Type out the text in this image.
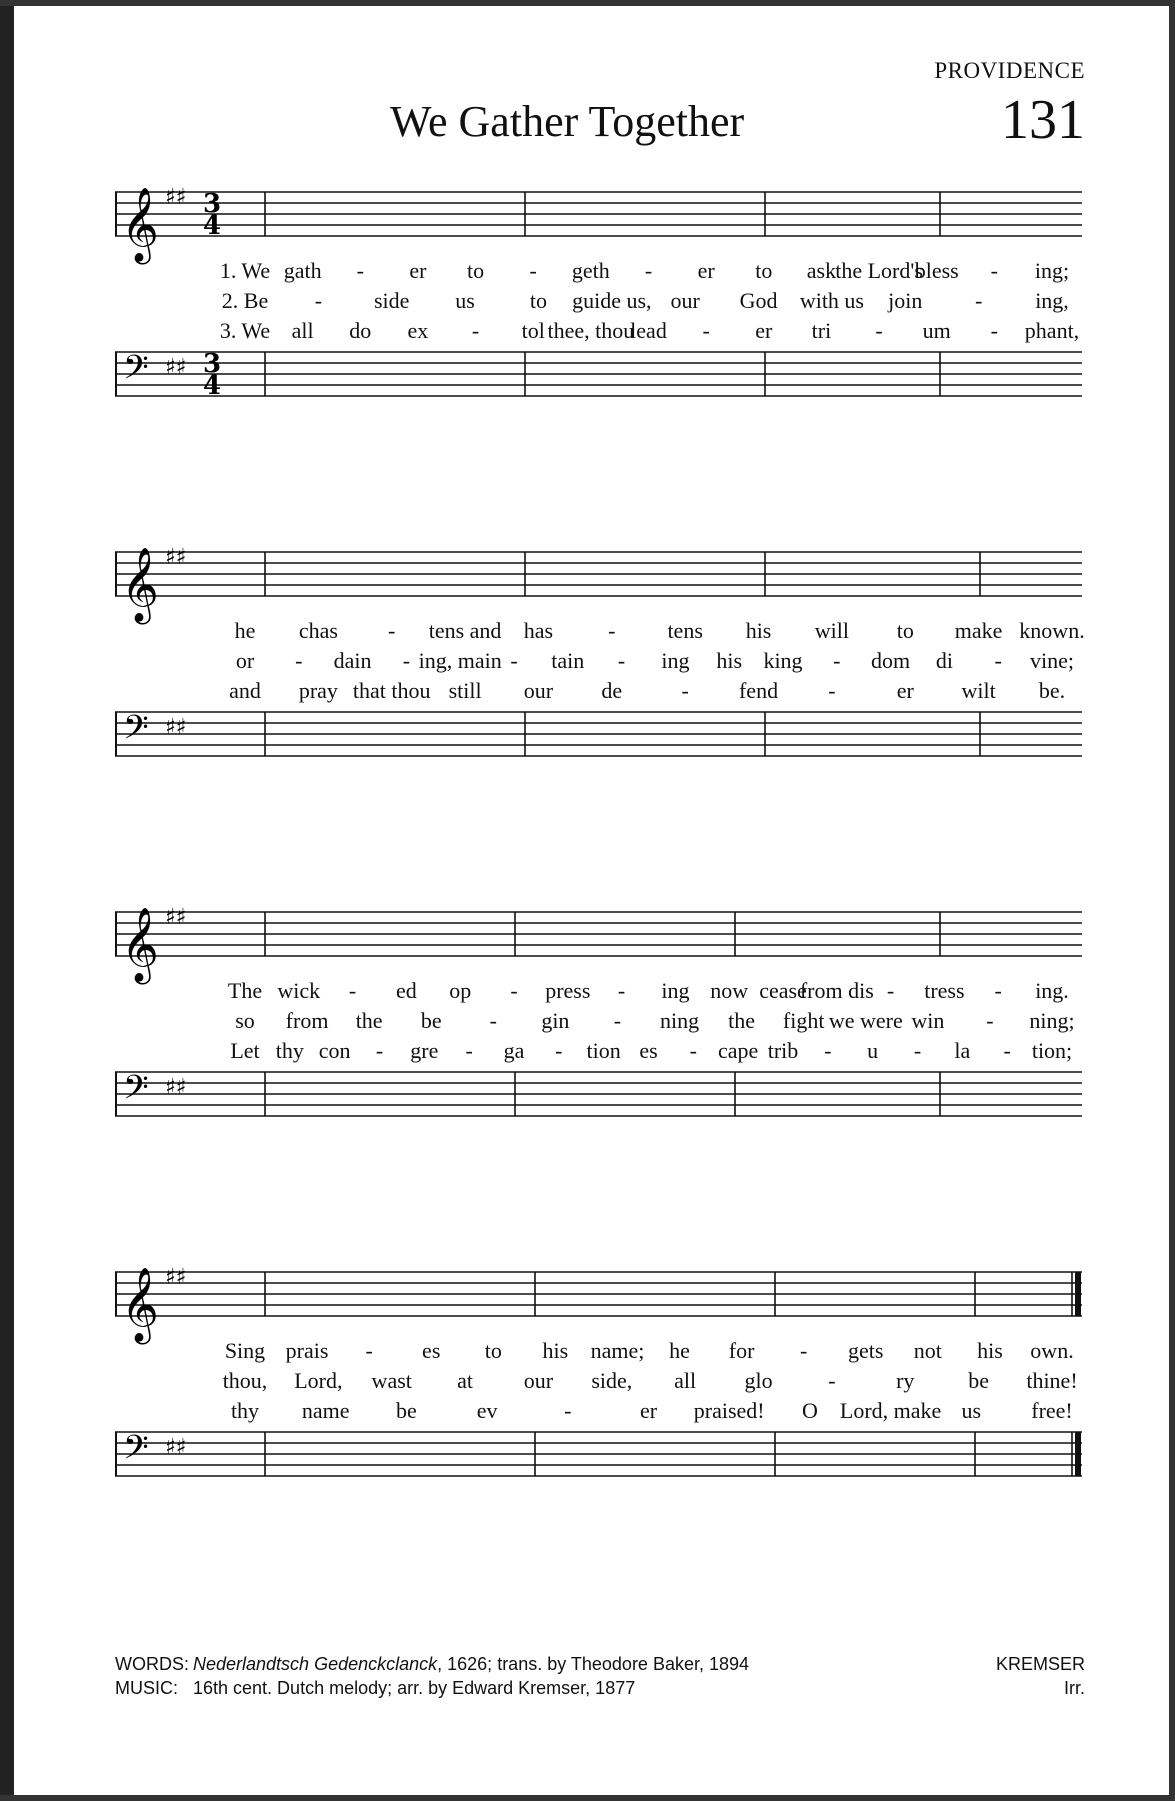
PROVIDENCE
We Gather Together	131
𝄞 ♯♯
𝄢 ♯♯
3 4
3 4
1. We gath - er to - geth - er to ask the Lord's
bless - ing;
2. Be - side us	to guide us, our God with us join - ing,
3. We all do ex - tol thee, thou
lead - er tri - um - phant,
𝄞 ♯♯
𝄢 ♯♯
he chas - tens and has	- tens his will to make known.
or - dain - ing, main - tain - ing his king - dom di - vine;
and pray that thou still our de	- fend -	er wilt be.
𝄞 ♯♯
𝄢 ♯♯
The wick - ed op - press - ing now cease
from dis - tress - ing.
so from the be - gin - ning the fight we were win - ning;
Let thy con - gre - ga - tion es - cape trib - u - la - tion;
𝄞 ♯♯
𝄢 ♯♯
Sing prais - es to his name; he for - gets not his own.
thou, Lord, wast at our side, all glo	-	ry be thine!
thy name be	ev	-	er praised! O Lord, make us free!
WORDS: Nederlandtsch Gedenckclanck, 1626; trans. by Theodore Baker, 1894
MUSIC: 16th cent. Dutch melody; arr. by Edward Kremser, 1877
KREMSER
Irr.
